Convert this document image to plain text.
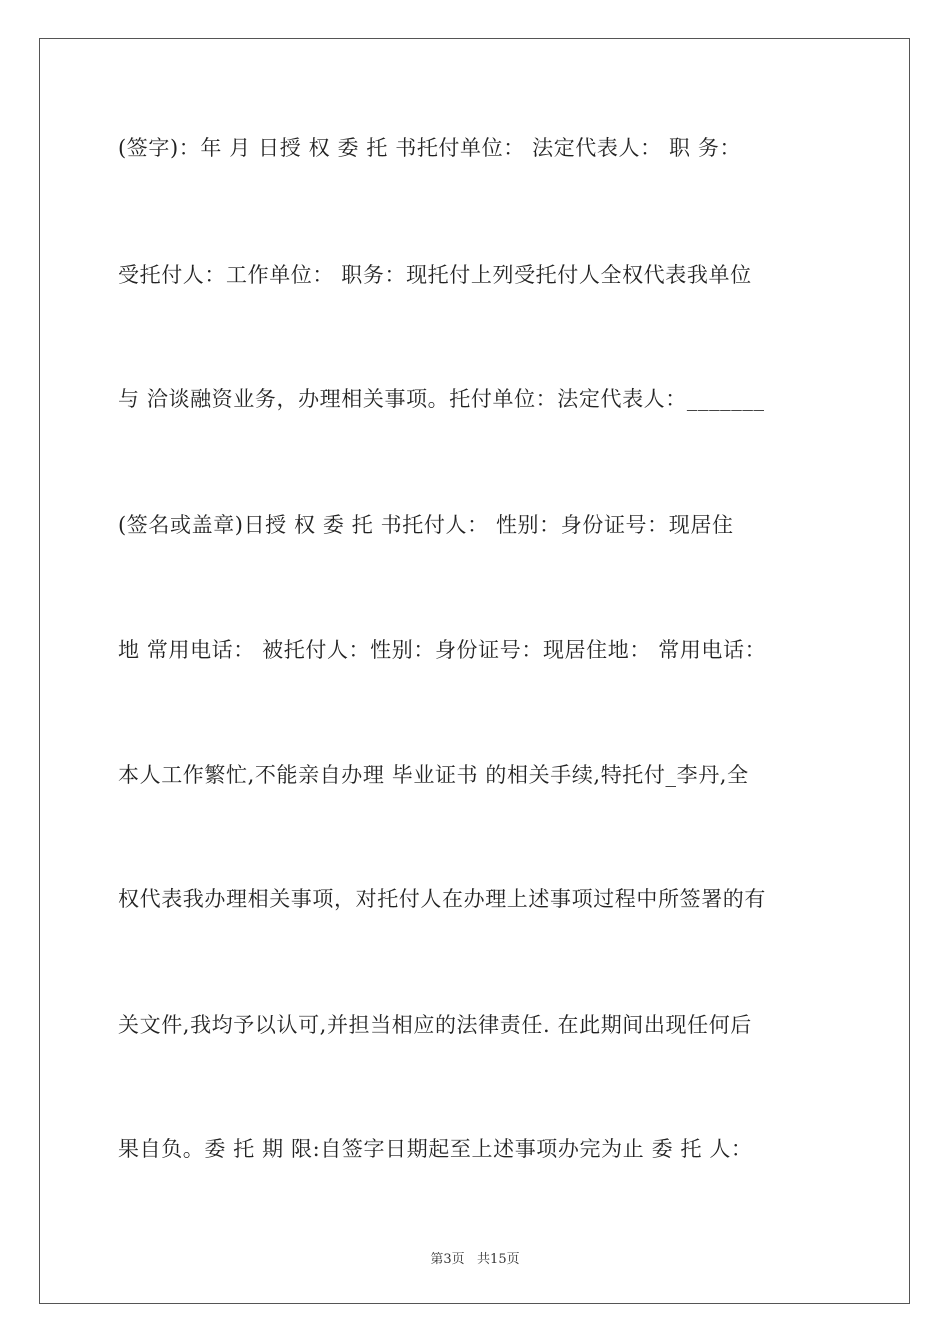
(签字)：年 月 日授 权 委 托 书托付单位： 法定代表人： 职 务：
受托付人：工作单位： 职务：现托付上列受托付人全权代表我单位
与 洽谈融资业务，办理相关事项。托付单位：法定代表人：_______
(签名或盖章)日授 权 委 托 书托付人： 性别：身份证号：现居住
地 常用电话： 被托付人：性别：身份证号：现居住地： 常用电话：
本人工作繁忙,不能亲自办理 毕业证书 的相关手续,特托付_李丹,全
权代表我办理相关事项，对托付人在办理上述事项过程中所签署的有
关文件,我均予以认可,并担当相应的法律责任. 在此期间出现任何后
果自负。委 托 期 限:自签字日期起至上述事项办完为止 委 托 人：
第3页   共15页
